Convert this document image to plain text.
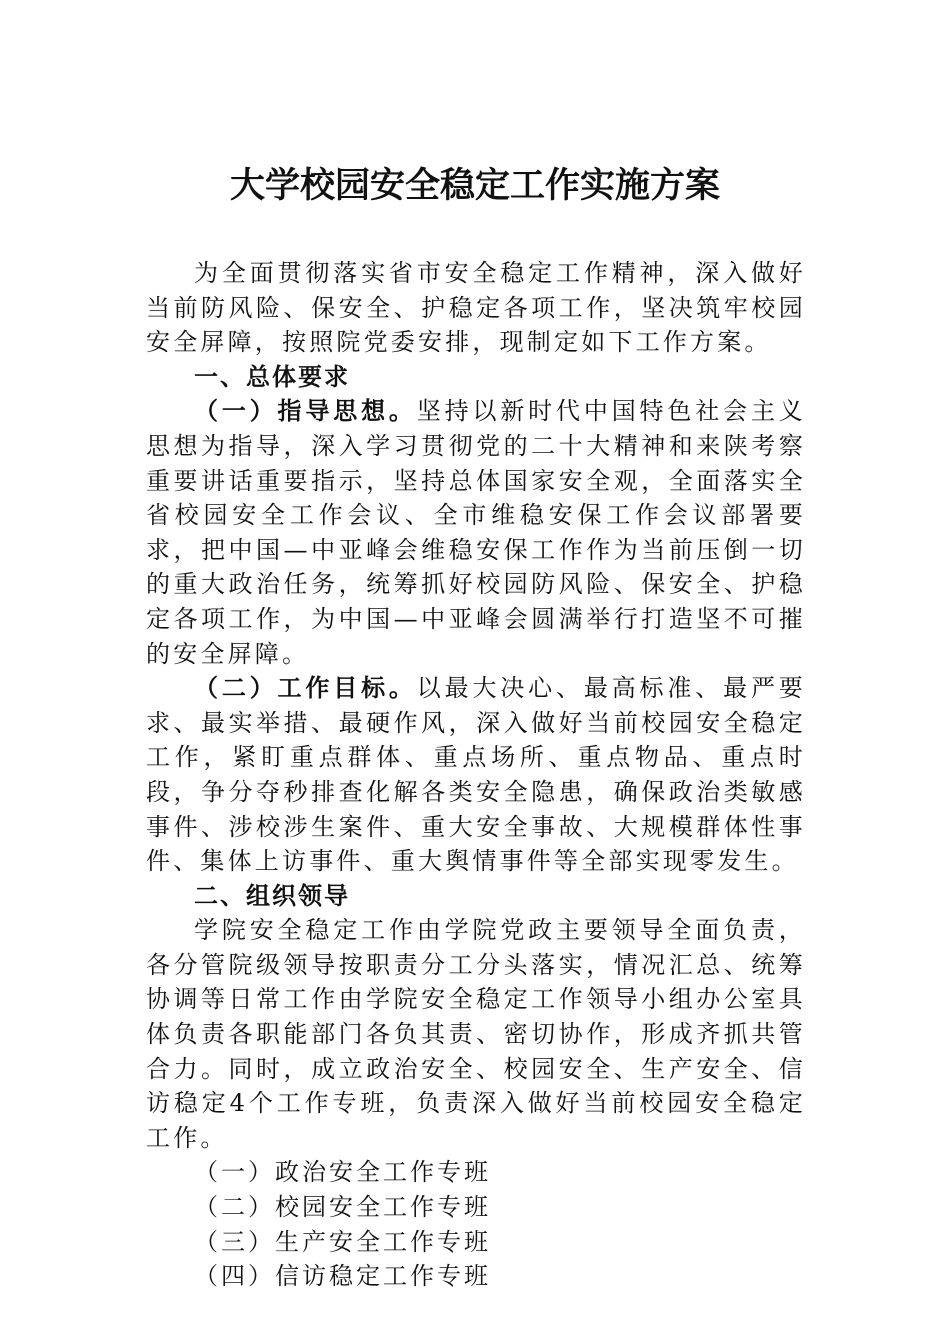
大学校园安全稳定工作实施方案

为全面贯彻落实省市安全稳定工作精神，深入做好当前防风险、保安全、护稳定各项工作，坚决筑牢校园安全屏障，按照院党委安排，现制定如下工作方案。

一、总体要求

（一）指导思想。坚持以新时代中国特色社会主义思想为指导，深入学习贯彻党的二十大精神和来陕考察重要讲话重要指示，坚持总体国家安全观，全面落实全省校园安全工作会议、全市维稳安保工作会议部署要求，把中国—中亚峰会维稳安保工作作为当前压倒一切的重大政治任务，统筹抓好校园防风险、保安全、护稳定各项工作，为中国—中亚峰会圆满举行打造坚不可摧的安全屏障。

（二）工作目标。以最大决心、最高标准、最严要求、最实举措、最硬作风，深入做好当前校园安全稳定工作，紧盯重点群体、重点场所、重点物品、重点时段，争分夺秒排查化解各类安全隐患，确保政治类敏感事件、涉校涉生案件、重大安全事故、大规模群体性事件、集体上访事件、重大舆情事件等全部实现零发生。

二、组织领导

学院安全稳定工作由学院党政主要领导全面负责，各分管院级领导按职责分工分头落实，情况汇总、统筹协调等日常工作由学院安全稳定工作领导小组办公室具体负责各职能部门各负其责、密切协作，形成齐抓共管合力。同时，成立政治安全、校园安全、生产安全、信访稳定4个工作专班，负责深入做好当前校园安全稳定工作。

（一）政治安全工作专班

（二）校园安全工作专班

（三）生产安全工作专班

（四）信访稳定工作专班
